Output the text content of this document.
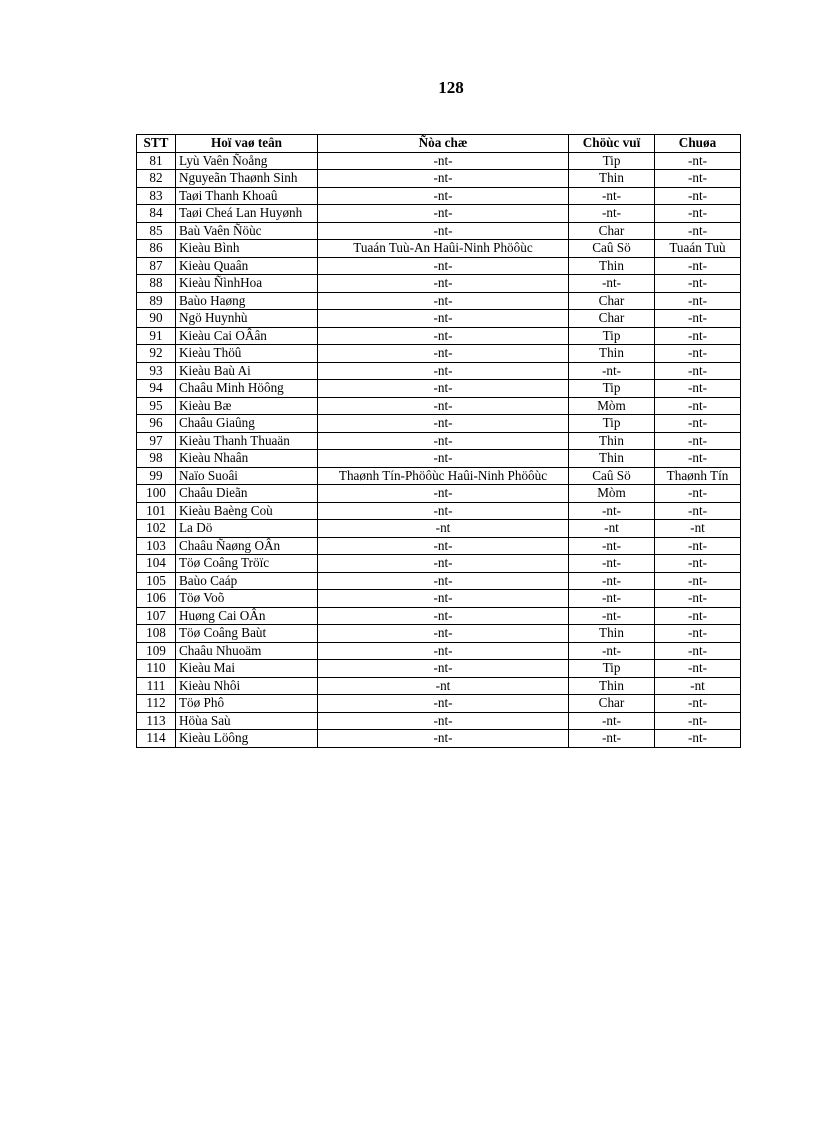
128
STT	Hoï vaø teân	Ñòa chæ	Chöùc vuï	Chuøa
81	Lyù Vaên Ñoång	-nt-	Tip	-nt-
82	Nguyeãn Thaønh Sinh	-nt-	Thin	-nt-
83	Taøi Thanh Khoaû	-nt-	-nt-	-nt-
84	Taøi Cheá Lan Huyønh	-nt-	-nt-	-nt-
85	Baù Vaên Ñöùc	-nt-	Char	-nt-
86	Kieàu Bình	Tuaán Tuù-An Haûi-Ninh Phöôùc	Caû Sö	Tuaán Tuù
87	Kieàu Quaân	-nt-	Thin	-nt-
88	Kieàu ÑìnhHoa	-nt-	-nt-	-nt-
89	Baùo Haøng	-nt-	Char	-nt-
90	Ngö Huynhù	-nt-	Char	-nt-
91	Kieàu Cai OÂân	-nt-	Tip	-nt-
92	Kieàu Thöû	-nt-	Thin	-nt-
93	Kieàu Baù Ai	-nt-	-nt-	-nt-
94	Chaâu Minh Höông	-nt-	Tip	-nt-
95	Kieàu Bæ	-nt-	Mòm	-nt-
96	Chaâu Giaûng	-nt-	Tip	-nt-
97	Kieàu Thanh Thuaän	-nt-	Thin	-nt-
98	Kieàu Nhaân	-nt-	Thin	-nt-
99	Naïo Suoâi	Thaønh Tín-Phöôùc Haûi-Ninh Phöôùc	Caû Sö	Thaønh Tín
100	Chaâu Dieãn	-nt-	Mòm	-nt-
101	Kieàu Baèng Coù	-nt-	-nt-	-nt-
102	La Dö	-nt	-nt	-nt
103	Chaâu Ñaøng OÂn	-nt-	-nt-	-nt-
104	Töø Coâng Tröïc	-nt-	-nt-	-nt-
105	Baùo Caáp	-nt-	-nt-	-nt-
106	Töø Voõ	-nt-	-nt-	-nt-
107	Huøng Cai OÂn	-nt-	-nt-	-nt-
108	Töø Coâng Baùt	-nt-	Thin	-nt-
109	Chaâu Nhuoäm	-nt-	-nt-	-nt-
110	Kieàu Mai	-nt-	Tip	-nt-
111	Kieàu Nhôi	-nt	Thin	-nt
112	Töø Phô	-nt-	Char	-nt-
113	Höùa Saù	-nt-	-nt-	-nt-
114	Kieàu Löông	-nt-	-nt-	-nt-
